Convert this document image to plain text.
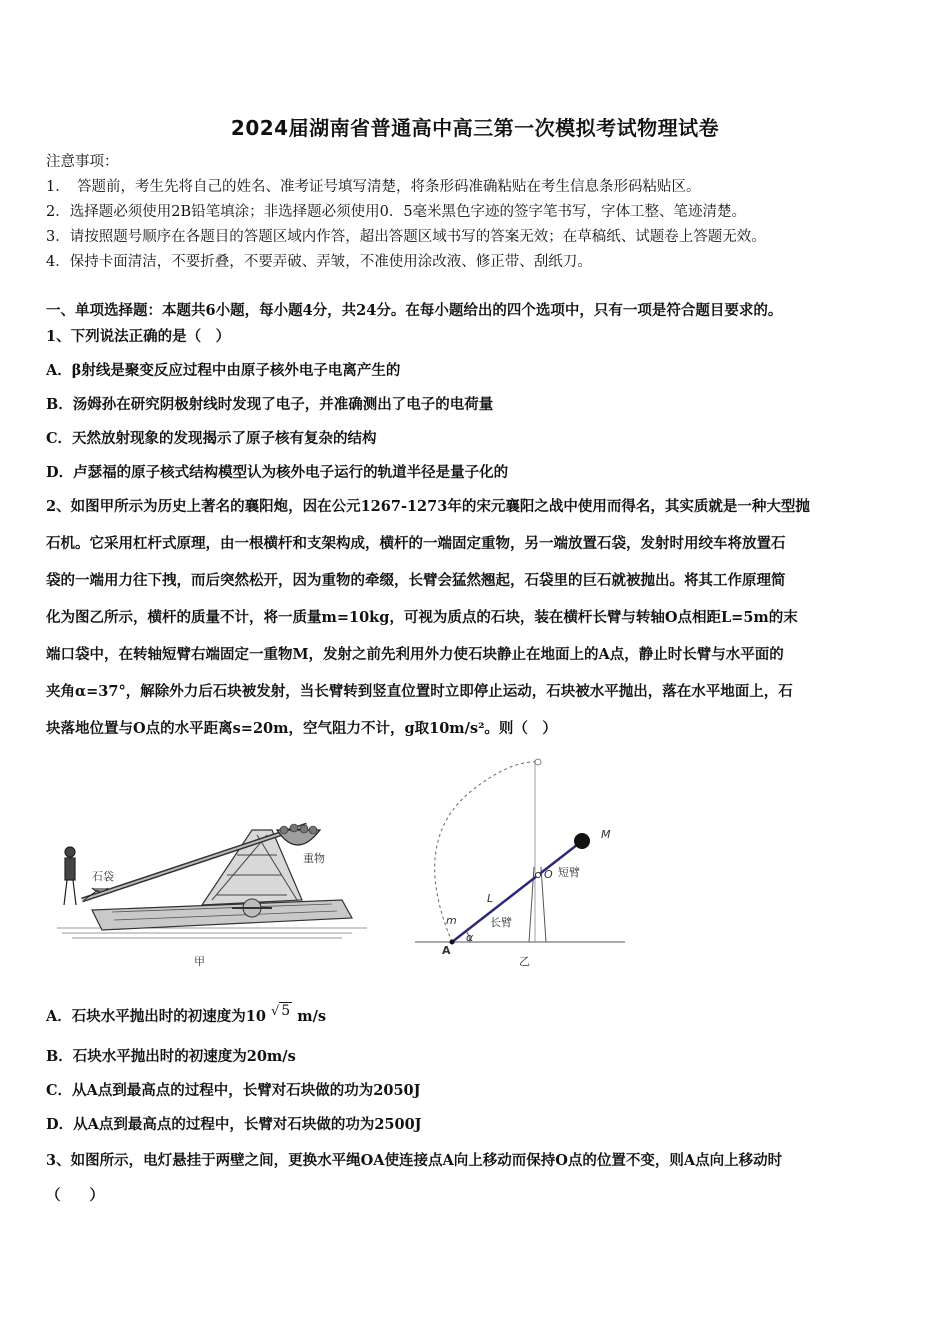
2024届湖南省普通高中高三第一次模拟考试物理试卷
注意事项：
1．　答题前，考生先将自己的姓名、准考证号填写清楚，将条形码准确粘贴在考生信息条形码粘贴区。
2．选择题必须使用2B铅笔填涂；非选择题必须使用0．5毫米黑色字迹的签字笔书写，字体工整、笔迹清楚。
3．请按照题号顺序在各题目的答题区域内作答，超出答题区域书写的答案无效；在草稿纸、试题卷上答题无效。
4．保持卡面清洁，不要折叠，不要弄破、弄皱，不准使用涂改液、修正带、刮纸刀。
一、单项选择题：本题共6小题，每小题4分，共24分。在每小题给出的四个选项中，只有一项是符合题目要求的。
1、下列说法正确的是（　）
A．β射线是聚变反应过程中由原子核外电子电离产生的
B．汤姆孙在研究阴极射线时发现了电子，并准确测出了电子的电荷量
C．天然放射现象的发现揭示了原子核有复杂的结构
D．卢瑟福的原子核式结构模型认为核外电子运行的轨道半径是量子化的
2、如图甲所示为历史上著名的襄阳炮，因在公元1267-1273年的宋元襄阳之战中使用而得名，其实质就是一种大型抛
石机。它采用杠杆式原理，由一根横杆和支架构成，横杆的一端固定重物，另一端放置石袋，发射时用绞车将放置石
袋的一端用力往下拽，而后突然松开，因为重物的牵缀，长臂会猛然翘起，石袋里的巨石就被抛出。将其工作原理简
化为图乙所示，横杆的质量不计，将一质量m=10kg，可视为质点的石块，装在横杆长臂与转轴O点相距L=5m的末
端口袋中，在转轴短臂右端固定一重物M，发射之前先利用外力使石块静止在地面上的A点，静止时长臂与水平面的
夹角α=37°，解除外力后石块被发射，当长臂转到竖直位置时立即停止运动，石块被水平抛出，落在水平地面上，石
块落地位置与O点的水平距离s=20m，空气阻力不计，g取10m/s²。则（　）
石袋
重物
甲
M
O 短臂
L
长臂
m
α
A
乙
A．石块水平抛出时的初速度为10 √ 5 m/s
B．石块水平抛出时的初速度为20m/s
C．从A点到最高点的过程中，长臂对石块做的功为2050J
D．从A点到最高点的过程中，长臂对石块做的功为2500J
3、如图所示，电灯悬挂于两壁之间，更换水平绳OA使连接点A向上移动而保持O点的位置不变，则A点向上移动时
（　　）
